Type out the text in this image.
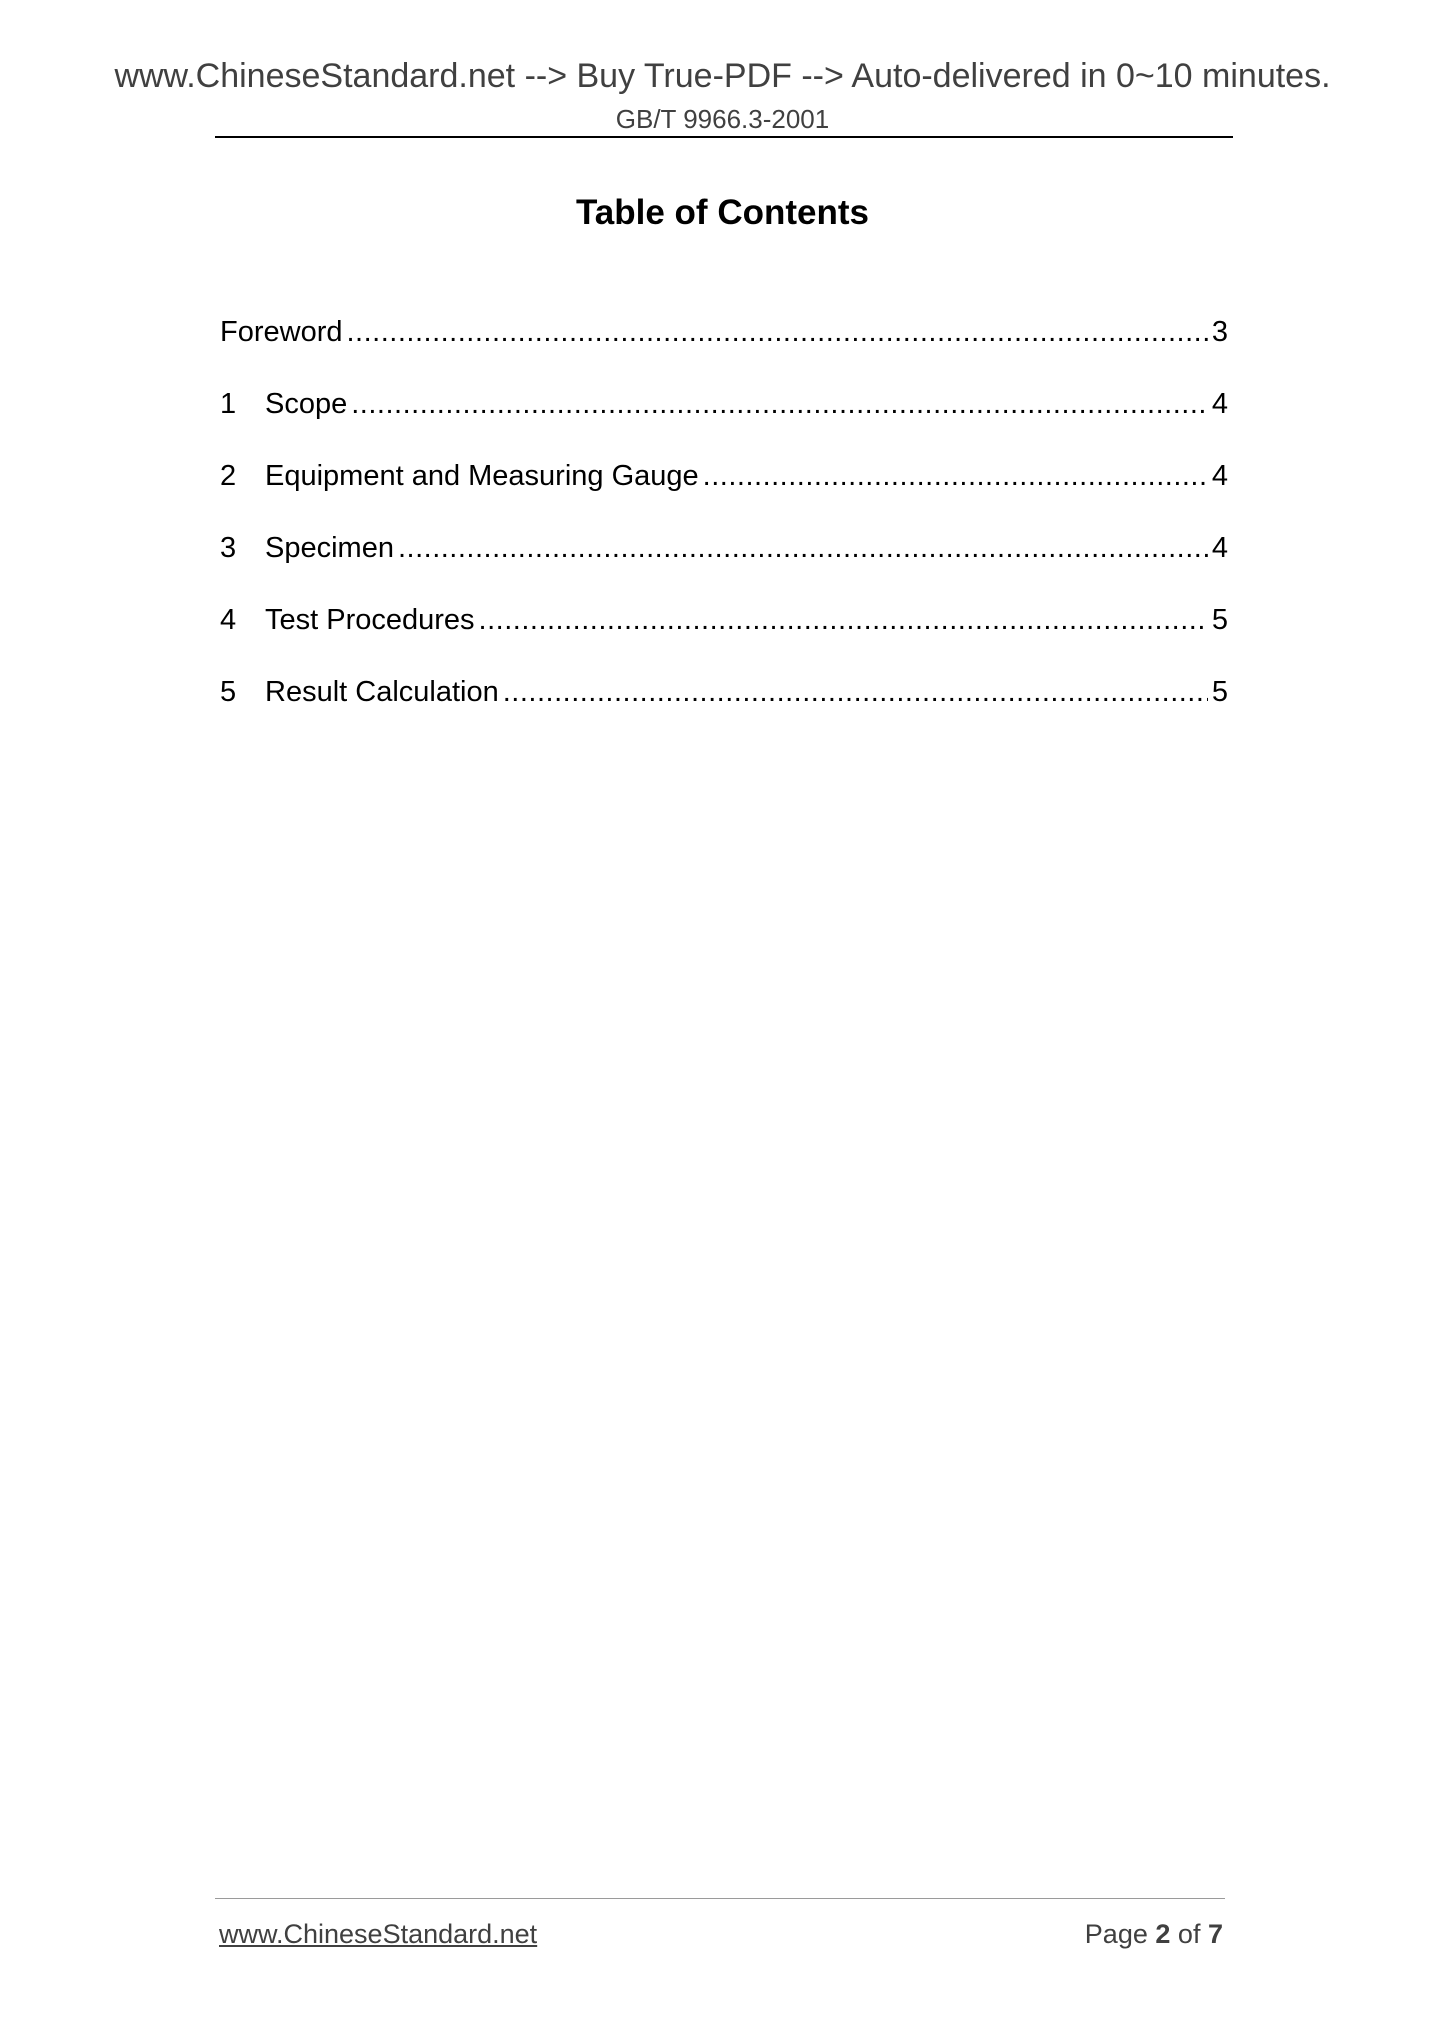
www.ChineseStandard.net --> Buy True-PDF --> Auto-delivered in 0~10 minutes.
GB/T 9966.3-2001
Table of Contents
Foreword .....	3
1 Scope .....	4
2 Equipment and Measuring Gauge .....	4
3 Specimen .....	4
4 Test Procedures .....	5
5 Result Calculation .....	5
www.ChineseStandard.net	Page 2 of 7
